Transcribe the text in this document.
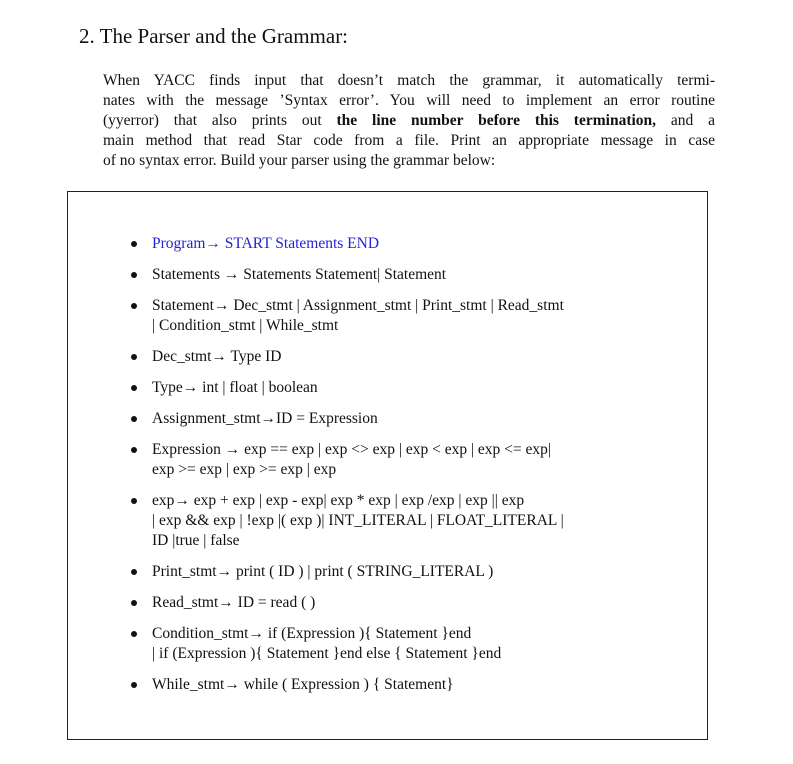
2. The Parser and the Grammar:
When YACC finds input that doesn’t match the grammar, it automatically termi-
nates with the message ’Syntax error’. You will need to implement an error routine
(yyerror) that also prints out the line number before this termination, and a
main method that read Star code from a file. Print an appropriate message in case
of no syntax error. Build your parser using the grammar below:
Program→ START Statements END
Statements → Statements Statement| Statement
Statement→ Dec_stmt | Assignment_stmt | Print_stmt | Read_stmt
| Condition_stmt | While_stmt
Dec_stmt→ Type ID
Type→ int | float | boolean
Assignment_stmt→ID = Expression
Expression → exp == exp | exp <> exp | exp < exp | exp <= exp|
exp >= exp | exp >= exp | exp
exp→ exp + exp | exp - exp| exp * exp | exp /exp | exp || exp
| exp && exp | !exp |( exp )| INT_LITERAL | FLOAT_LITERAL |
ID |true | false
Print_stmt→ print ( ID ) | print ( STRING_LITERAL )
Read_stmt→ ID = read ( )
Condition_stmt→ if (Expression ){ Statement }end
| if (Expression ){ Statement }end else { Statement }end
While_stmt→ while ( Expression ) { Statement}
